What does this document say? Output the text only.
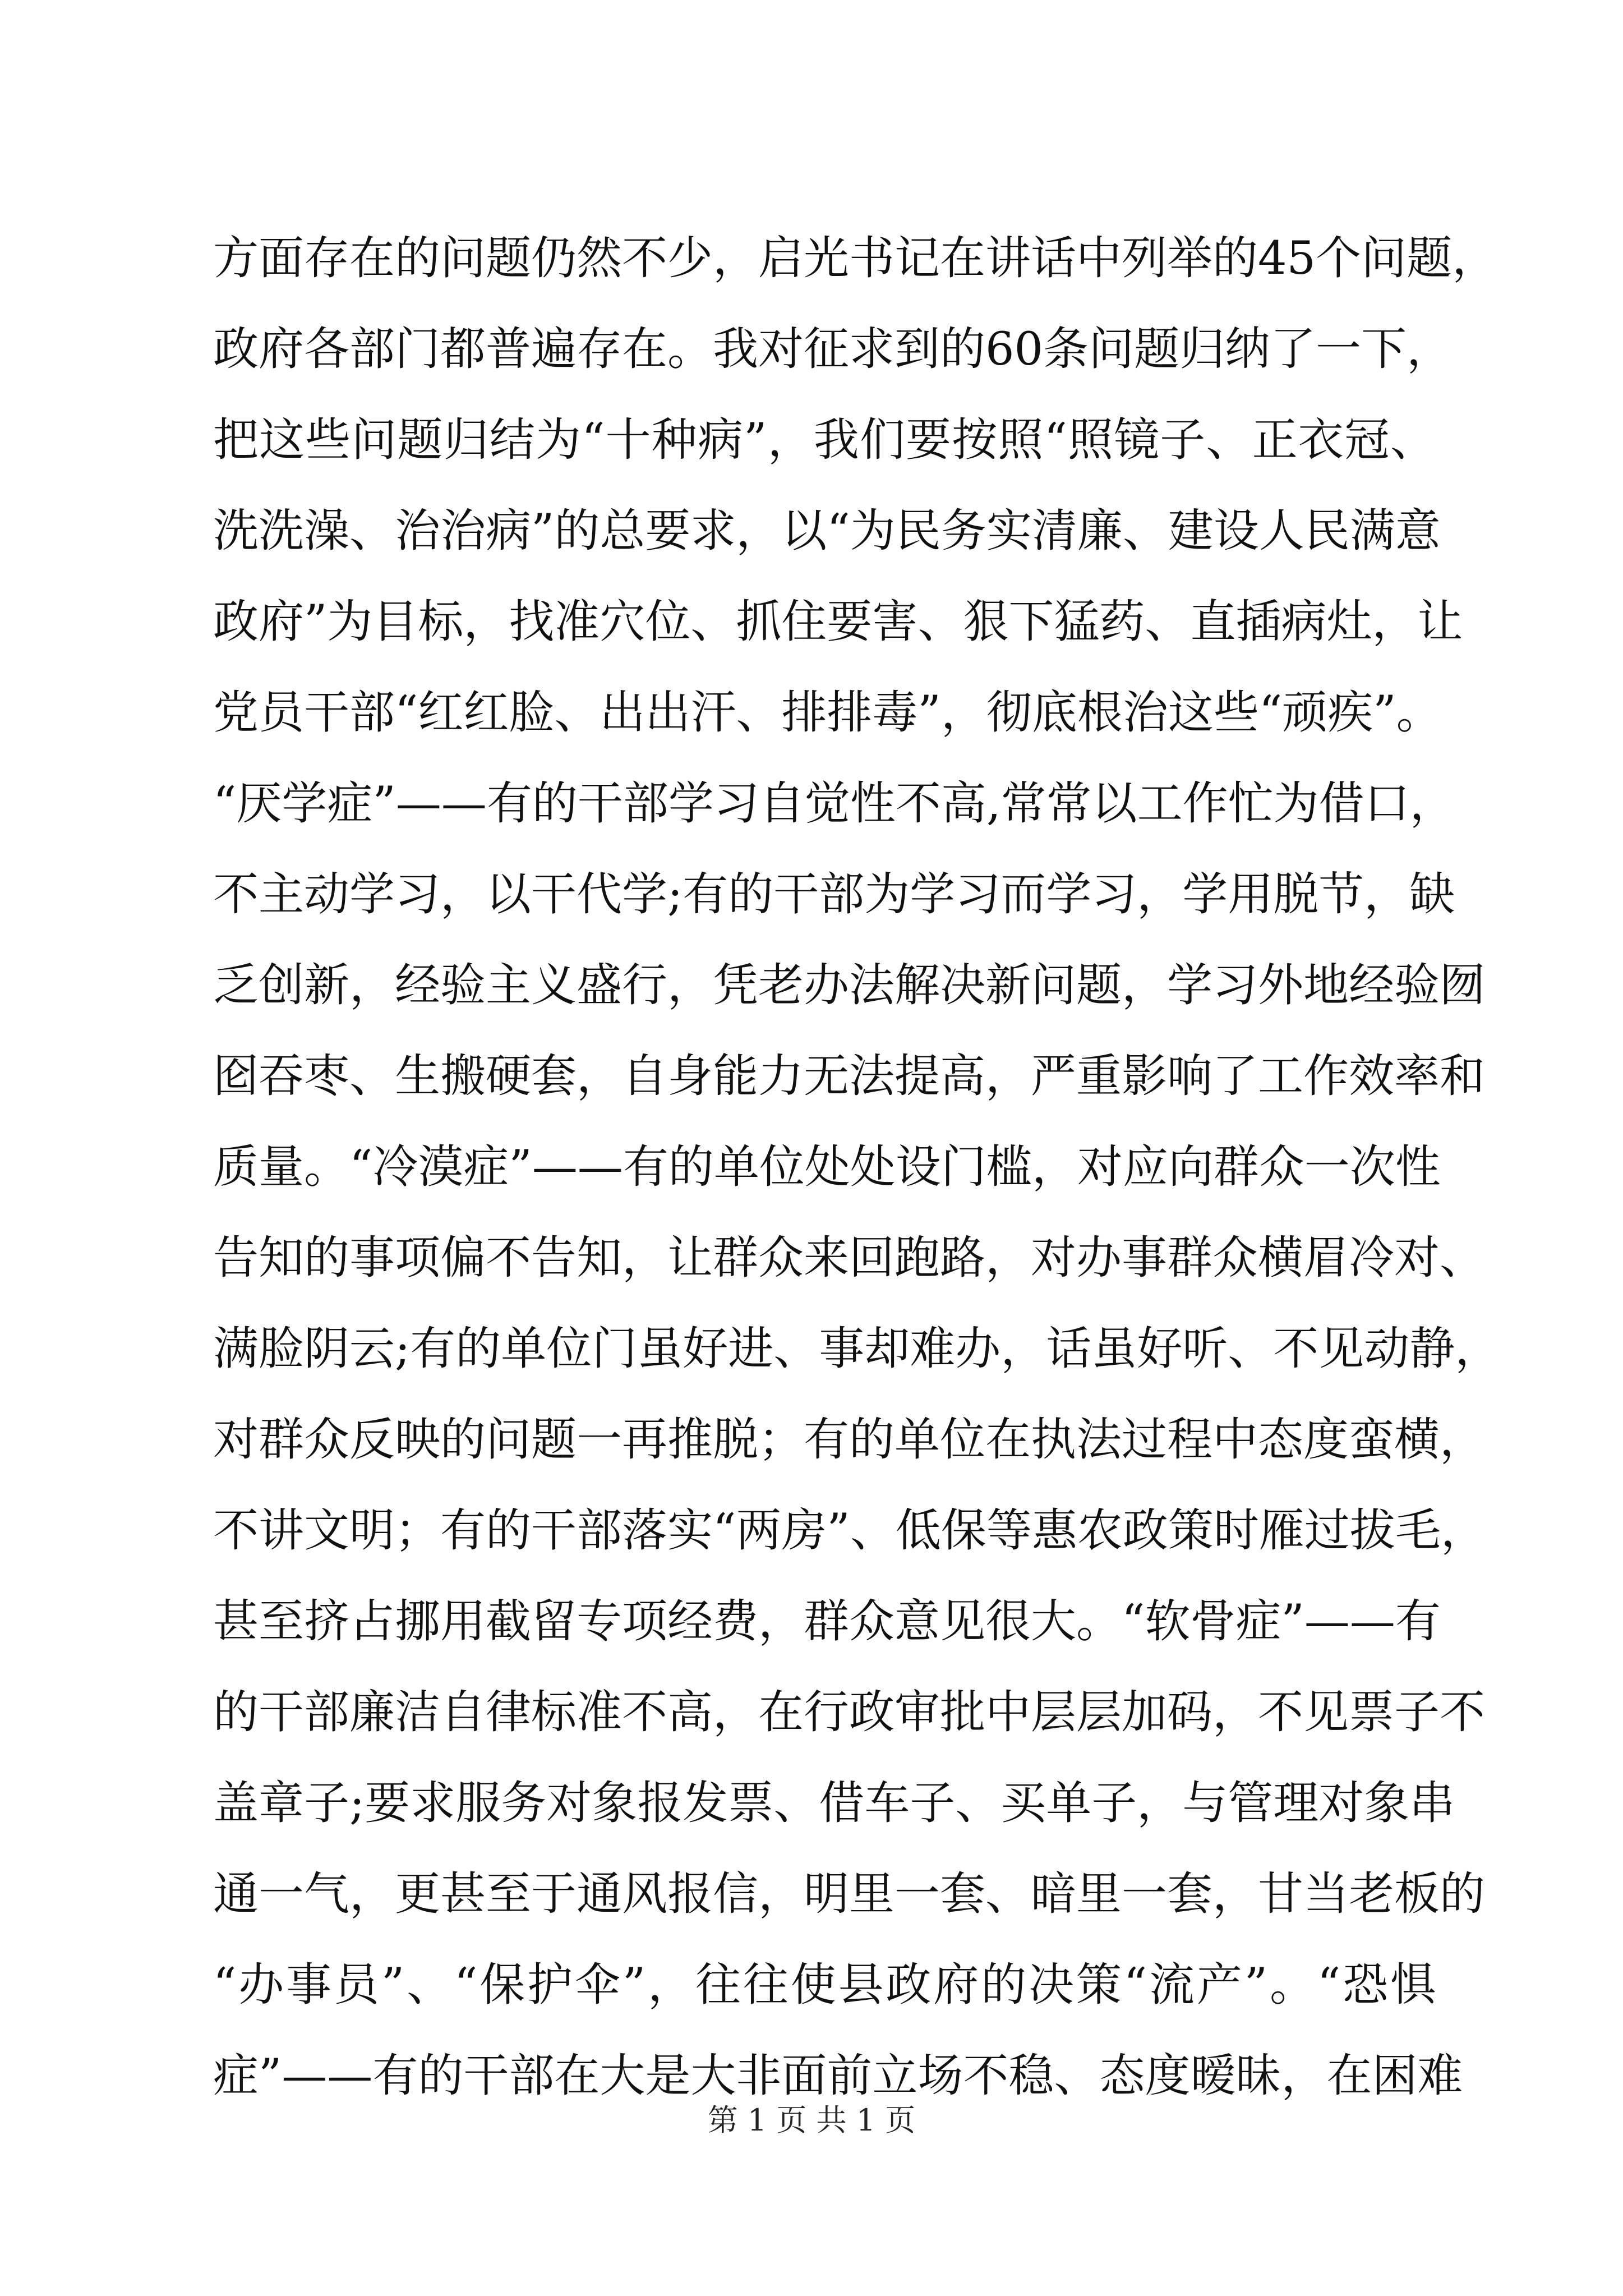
方面存在的问题仍然不少，启光书记在讲话中列举的45个问题，
政府各部门都普遍存在。我对征求到的60条问题归纳了一下，
把这些问题归结为“十种病”，我们要按照“照镜子、正衣冠、
洗洗澡、治治病”的总要求，以“为民务实清廉、建设人民满意
政府”为目标，找准穴位、抓住要害、狠下猛药、直插病灶，让
党员干部“红红脸、出出汗、排排毒”，彻底根治这些“顽疾”。
“厌学症”——有的干部学习自觉性不高,常常以工作忙为借口，
不主动学习，以干代学;有的干部为学习而学习，学用脱节，缺
乏创新，经验主义盛行，凭老办法解决新问题，学习外地经验囫
囵吞枣、生搬硬套，自身能力无法提高，严重影响了工作效率和
质量。“冷漠症”——有的单位处处设门槛，对应向群众一次性
告知的事项偏不告知，让群众来回跑路，对办事群众横眉冷对、
满脸阴云;有的单位门虽好进、事却难办，话虽好听、不见动静，
对群众反映的问题一再推脱；有的单位在执法过程中态度蛮横，
不讲文明；有的干部落实“两房”、低保等惠农政策时雁过拔毛，
甚至挤占挪用截留专项经费，群众意见很大。“软骨症”——有
的干部廉洁自律标准不高，在行政审批中层层加码，不见票子不
盖章子;要求服务对象报发票、借车子、买单子，与管理对象串
通一气，更甚至于通风报信，明里一套、暗里一套，甘当老板的
“办事员”、“保护伞”，往往使县政府的决策“流产”。“恐惧
症”——有的干部在大是大非面前立场不稳、态度暧昧，在困难
第 1 页 共 1 页
